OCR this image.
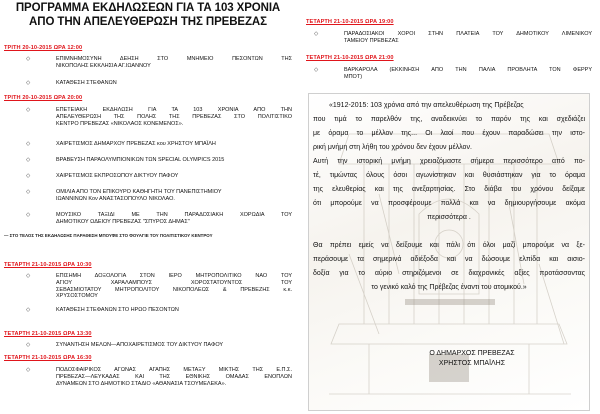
ΠΡΟΓΡΑΜΜΑ ΕΚΔΗΛΩΣΕΩΝ ΓΙΑ ΤΑ 103 ΧΡΟΝΙΑ
ΑΠΟ ΤΗΝ ΑΠΕΛΕΥΘΕΡΩΣΗ ΤΗΣ ΠΡΕΒΕΖΑΣ
ΤΡΙΤΗ 20-10-2015 ΩΡΑ 12:00
◇	ΕΠΙΜΝΗΜΟΣΥΝΗ ΔΕΗΣΗ ΣΤΟ ΜΝΗΜΕΙΟ ΠΕΣΟΝΤΩΝ ΤΗΣ
ΝΙΚΟΠΟΛΗΣ ΕΚΚΛΗΣΙΑ ΑΓ.ΙΩΑΝΝΟΥ
◇	ΚΑΤΑΘΕΣΗ ΣΤΕΦΑΝΩΝ
ΤΡΙΤΗ 20-10-2015 ΩΡΑ 20:00
◇	ΕΠΕΤΕΙΑΚΗ ΕΚΔΗΛΩΣΗ ΓΙΑ ΤΑ 103 ΧΡΟΝΙΑ ΑΠΟ ΤΗΝ
ΑΠΕΛΕΥΘΕΡΩΣΗ ΤΗΣ ΠΟΛΗΣ ΤΗΣ ΠΡΕΒΕΖΑΣ ΣΤΟ ΠΟΛΙΤΙΣΤΙΚΟ
ΚΕΝΤΡΟ ΠΡΕΒΕΖΑΣ «ΝΙΚΟΛΑΟΣ ΚΟΝΕΜΕΝΟΣ».
◇	ΧΑΙΡΕΤΙΣΜΟΣ ΔΗΜΑΡΧΟΥ ΠΡΕΒΕΖΑΣ κου ΧΡΗΣΤΟΥ ΜΠΑΪΛΗ
◇	ΒΡΑΒΕΥΣΗ ΠΑΡΑΟΛΥΜΠΙΟΝΙΚΩΝ ΤΩΝ SPECIAL OLYMPICS 2015
◇	ΧΑΙΡΕΤΙΣΜΟΣ ΕΚΠΡΟΣΩΠΟΥ ΔΙΚΤΥΟΥ ΠΑΦΟΥ
◇	ΟΜΙΛΙΑ ΑΠΟ ΤΟΝ ΕΠΙΚΟΥΡΟ ΚΑΘΗΓΗΤΗ ΤΟΥ ΠΑΝΕΠΙΣΤΗΜΙΟΥ
ΙΩΑΝΝΙΝΩΝ Κον ΑΝΑΣΤΑΣΟΠΟΥΛΟ ΝΙΚΟΛΑΟ.
◇	ΜΟΥΣΙΚΟ ΤΑΞΙΔΙ ΜΕ ΤΗΝ ΠΑΡΑΔΟΣΙΑΚΗ ΧΟΡΩΔΙΑ ΤΟΥ
ΔΗΜΟΤΙΚΟΥ ΩΔΕΙΟΥ ΠΡΕΒΕΖΑΣ "ΣΠΥΡΟΣ ΔΗΜΑΣ"
— ΣΤΟ ΤΕΛΟΣ ΤΗΣ ΕΚΔΗΛΩΣΗΣ ΠΑΡΑΘΕΣΗ ΜΠΟΥΦΕ ΣΤΟ ΦΟΥΑΓΙΕ ΤΟΥ ΠΟΛΙΤΙΣΤΙΚΟΥ ΚΕΝΤΡΟΥ
ΤΕΤΑΡΤΗ 21-10-2015 ΩΡΑ 10:30
◇	ΕΠΙΣΗΜΗ ΔΟΞΟΛΟΓΙΑ ΣΤΟΝ ΙΕΡΟ ΜΗΤΡΟΠΟΛΙΤΙΚΟ ΝΑΟ ΤΟΥ
ΑΓΙΟΥ ΧΑΡΑΛΑΜΠΟΥΣ ΧΟΡΟΣΤΑΤΟΥΝΤΟΣ ΤΟΥ
ΣΕΒΑΣΜΙΟΤΑΤΟΥ ΜΗΤΡΟΠΟΛΙΤΟΥ ΝΙΚΟΠΟΛΕΩΣ & ΠΡΕΒΕΖΗΣ κ.κ.
ΧΡΥΣΟΣΤΟΜΟΥ
◇	ΚΑΤΑΘΕΣΗ ΣΤΕΦΑΝΩΝ ΣΤΟ ΗΡΩΟ ΠΕΣΟΝΤΩΝ
ΤΕΤΑΡΤΗ 21-10-2015 ΩΡΑ 13:30
◇	ΣΥΝΑΝΤΗΣΗ ΜΕΛΩΝ—ΑΠΟΧΑΙΡΕΤΙΣΜΟΣ ΤΟΥ ΔΙΚΤΥΟΥ ΠΑΦΟΥ
ΤΕΤΑΡΤΗ 21-10-2015 ΩΡΑ 16:30
◇	ΠΟΔΟΣΦΑΙΡΙΚΟΣ ΑΓΩΝΑΣ ΑΓΑΠΗΣ ΜΕΤΑΞΥ ΜΙΚΤΗΣ ΤΗΣ Ε.Π.Σ.
ΠΡΕΒΕΖΑΣ—ΛΕΥΚΑΔΑΣ ΚΑΙ ΤΗΣ ΕΘΝΙΚΗΣ ΟΜΑΔΑΣ ΕΝΟΠΛΩΝ
ΔΥΝΑΜΕΩΝ ΣΤΟ ΔΗΜΟΤΙΚΟ ΣΤΑΔΙΟ «ΑΘΑΝΑΣΙΑ ΤΣΟΥΜΕΛΕΚΑ».
ΤΕΤΑΡΤΗ 21-10-2015 ΩΡΑ 19:00
◇	ΠΑΡΑΔΟΣΙΑΚΟΙ ΧΟΡΟΙ ΣΤΗΝ ΠΛΑΤΕΙΑ ΤΟΥ ΔΗΜΟΤΙΚΟΥ ΛΙΜΕΝΙΚΟΥ
ΤΑΜΕΙΟΥ ΠΡΕΒΕΖΑΣ
ΤΕΤΑΡΤΗ 21-10-2015 ΩΡΑ 21:00
◇	ΒΑΡΚΑΡΟΛΑ (ΕΚΚΙΝΗΣΗ ΑΠΟ ΤΗΝ ΠΑΛΙΑ ΠΡΟΒΛΗΤΑ ΤΟΝ ΦΕΡΡΥ
ΜΠΟΤ)
«1912-2015: 103 χρόνια από την απελευθέρωση της Πρέβεζας
που τιμά το παρελθόν της, αναδεικνύει το παρόν της και σχεδιάζει
με όραμα το μέλλον της... Οι λαοί που έχουν παραδώσει την ιστο-
ρική μνήμη στη λήθη του χρόνου δεν έχουν μέλλον.
Αυτή την ιστορική μνήμη χρειαζόμαστε σήμερα περισσότερο από πο-
τέ, τιμώντας όλους όσοι αγωνίστηκαν και θυσιάστηκαν για το όραμα
της ελευθερίας και της ανεξαρτησίας. Στο διάβα του χρόνου δείξαμε
ότι μπορούμε να προσφέρουμε πολλά και να δημιουργήσουμε ακόμα
περισσότερα .
Θα πρέπει εμείς να δείξουμε και πάλι ότι όλοι μαζί μπορούμε να ξε-
περάσουμε τα σημερινά αδιέξοδα και να δώσουμε ελπίδα και αισιο-
δοξία για το αύριο στηριζόμενοι σε διαχρονικές αξίες προτάσσοντας
το γενικό καλό της Πρέβεζας έναντι του ατομικού.»
Ο ΔΗΜΑΡΧΟΣ ΠΡΕΒΕΖΑΣ
ΧΡΗΣΤΟΣ ΜΠΑΪΛΗΣ
